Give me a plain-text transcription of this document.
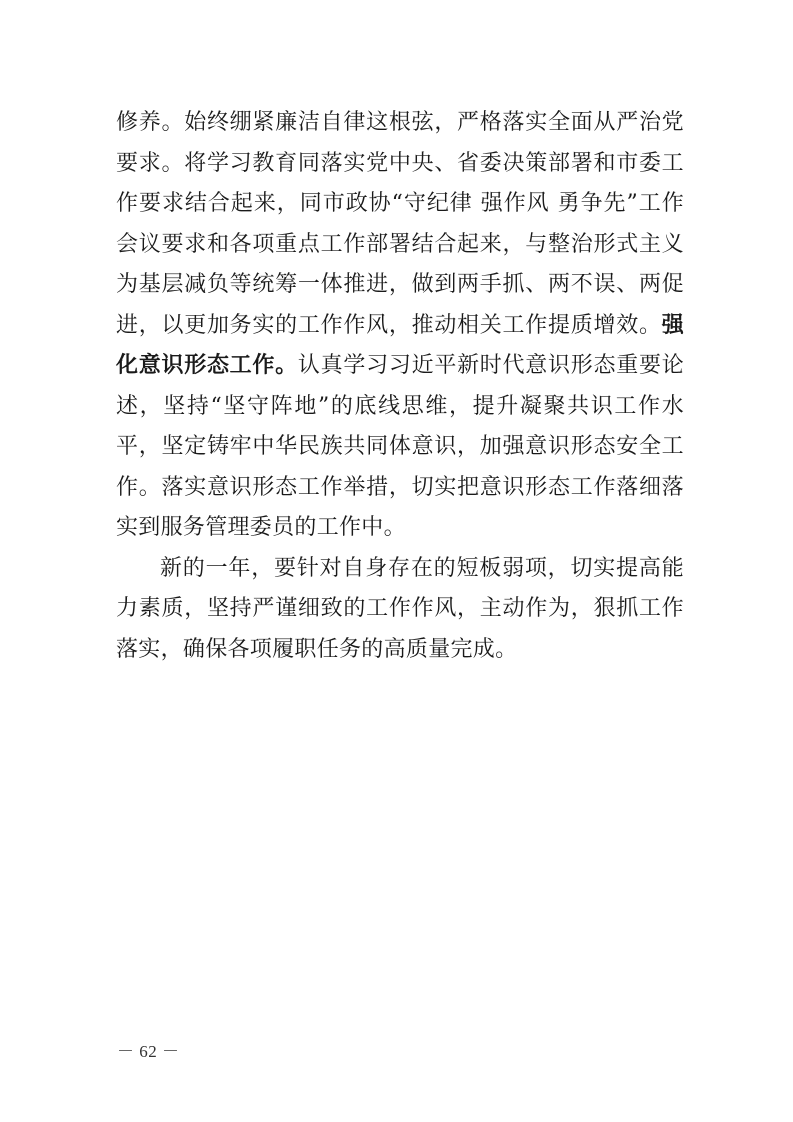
修养。始终绷紧廉洁自律这根弦，严格落实全面从严治党要求。将学习教育同落实党中央、省委决策部署和市委工作要求结合起来，同市政协“守纪律 强作风 勇争先”工作会议要求和各项重点工作部署结合起来，与整治形式主义为基层减负等统筹一体推进，做到两手抓、两不误、两促进，以更加务实的工作作风，推动相关工作提质增效。强化意识形态工作。认真学习习近平新时代意识形态重要论述，坚持“坚守阵地”的底线思维，提升凝聚共识工作水平，坚定铸牢中华民族共同体意识，加强意识形态安全工作。落实意识形态工作举措，切实把意识形态工作落细落实到服务管理委员的工作中。

新的一年，要针对自身存在的短板弱项，切实提高能力素质，坚持严谨细致的工作作风，主动作为，狠抓工作落实，确保各项履职任务的高质量完成。

－ 62 －
